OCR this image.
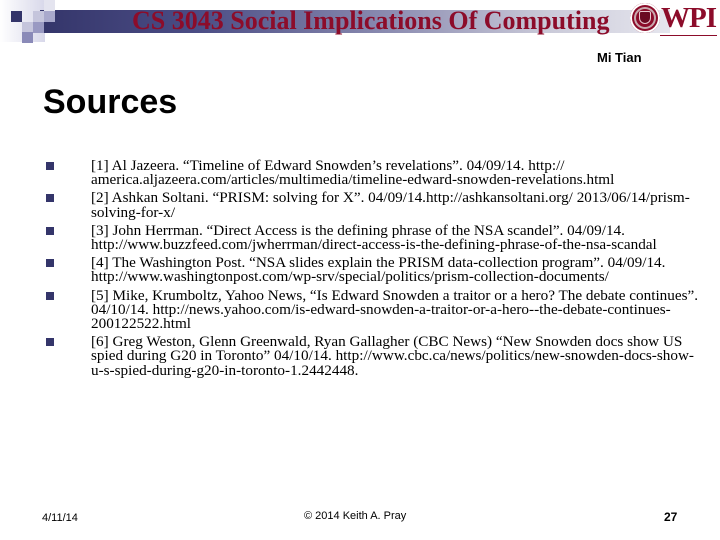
CS 3043 Social Implications Of Computing WPI
Mi Tian
Sources
[1] Al Jazeera. “Timeline of Edward Snowden’s revelations”. 04/09/14. http:// america.aljazeera.com/articles/multimedia/timeline-edward-snowden-revelations.html
[2] Ashkan Soltani. “PRISM: solving for X”. 04/09/14.http://ashkansoltani.org/ 2013/06/14/prism-solving-for-x/
[3] John Herrman. “Direct Access is the defining phrase of the NSA scandel”. 04/09/14. http://www.buzzfeed.com/jwherrman/direct-access-is-the-defining-phrase-of-the-nsa-scandal
[4] The Washington Post. “NSA slides explain the PRISM data-collection program”. 04/09/14. http://www.washingtonpost.com/wp-srv/special/politics/prism-collection-documents/
[5] Mike, Krumboltz, Yahoo News, “Is Edward Snowden a traitor or a hero? The debate continues”. 04/10/14. http://news.yahoo.com/is-edward-snowden-a-traitor-or-a-hero--the-debate-continues-200122522.html
[6] Greg Weston, Glenn Greenwald, Ryan Gallagher (CBC News) “New Snowden docs show US spied during G20 in Toronto” 04/10/14. http://www.cbc.ca/news/politics/new-snowden-docs-show-u-s-spied-during-g20-in-toronto-1.2442448.
4/11/14	© 2014 Keith A. Pray	27
